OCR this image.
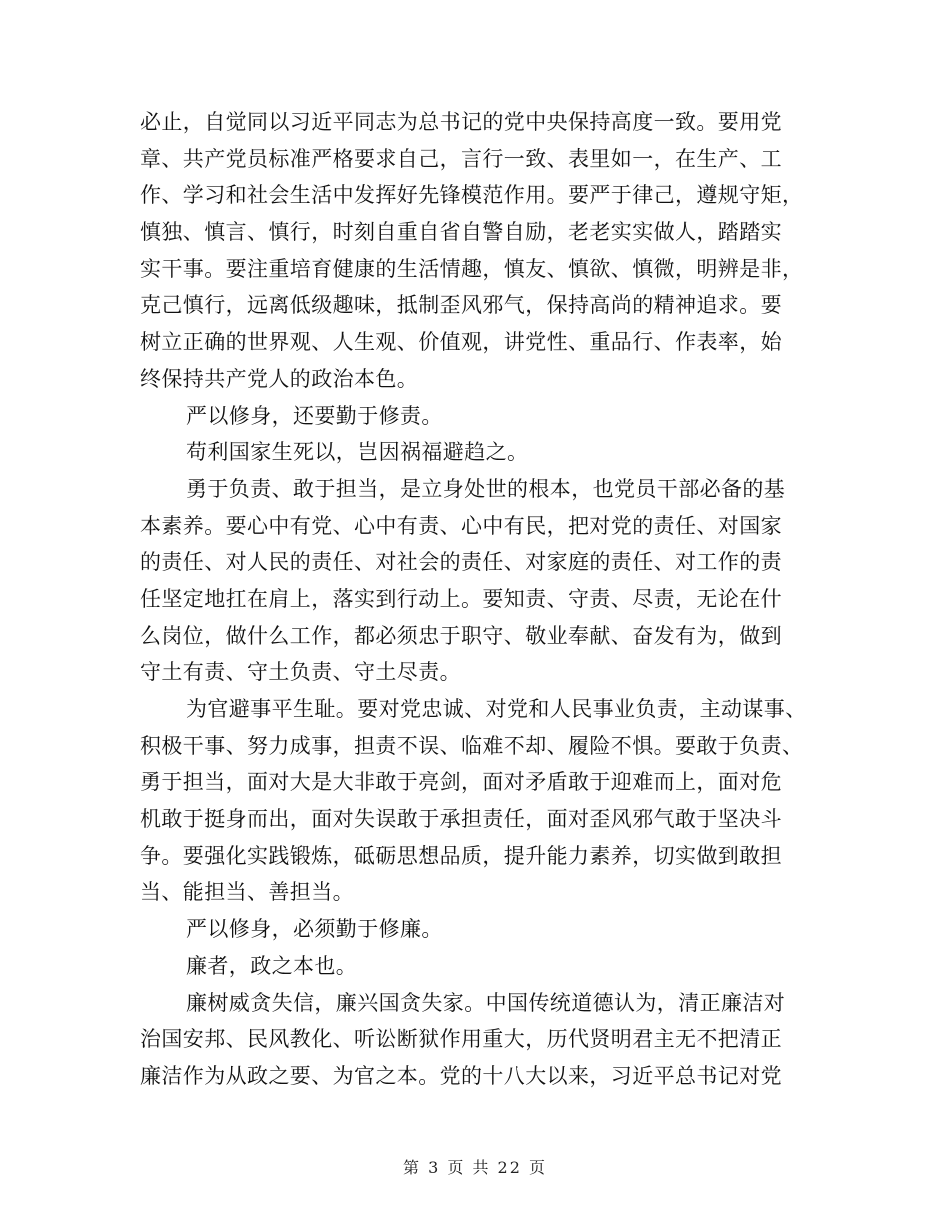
必止，自觉同以习近平同志为总书记的党中央保持高度一致。要用党
章、共产党员标准严格要求自己，言行一致、表里如一，在生产、工
作、学习和社会生活中发挥好先锋模范作用。要严于律己，遵规守矩，
慎独、慎言、慎行，时刻自重自省自警自励，老老实实做人，踏踏实
实干事。要注重培育健康的生活情趣，慎友、慎欲、慎微，明辨是非，
克己慎行，远离低级趣味，抵制歪风邪气，保持高尚的精神追求。要
树立正确的世界观、人生观、价值观，讲党性、重品行、作表率，始
终保持共产党人的政治本色。
严以修身，还要勤于修责。
苟利国家生死以，岂因祸福避趋之。
勇于负责、敢于担当，是立身处世的根本，也党员干部必备的基
本素养。要心中有党、心中有责、心中有民，把对党的责任、对国家
的责任、对人民的责任、对社会的责任、对家庭的责任、对工作的责
任坚定地扛在肩上，落实到行动上。要知责、守责、尽责，无论在什
么岗位，做什么工作，都必须忠于职守、敬业奉献、奋发有为，做到
守土有责、守土负责、守土尽责。
为官避事平生耻。要对党忠诚、对党和人民事业负责，主动谋事、
积极干事、努力成事，担责不误、临难不却、履险不惧。要敢于负责、
勇于担当，面对大是大非敢于亮剑，面对矛盾敢于迎难而上，面对危
机敢于挺身而出，面对失误敢于承担责任，面对歪风邪气敢于坚决斗
争。要强化实践锻炼，砥砺思想品质，提升能力素养，切实做到敢担
当、能担当、善担当。
严以修身，必须勤于修廉。
廉者，政之本也。
廉树威贪失信，廉兴国贪失家。中国传统道德认为，清正廉洁对
治国安邦、民风教化、听讼断狱作用重大，历代贤明君主无不把清正
廉洁作为从政之要、为官之本。党的十八大以来，习近平总书记对党
第 3 页 共 22 页
